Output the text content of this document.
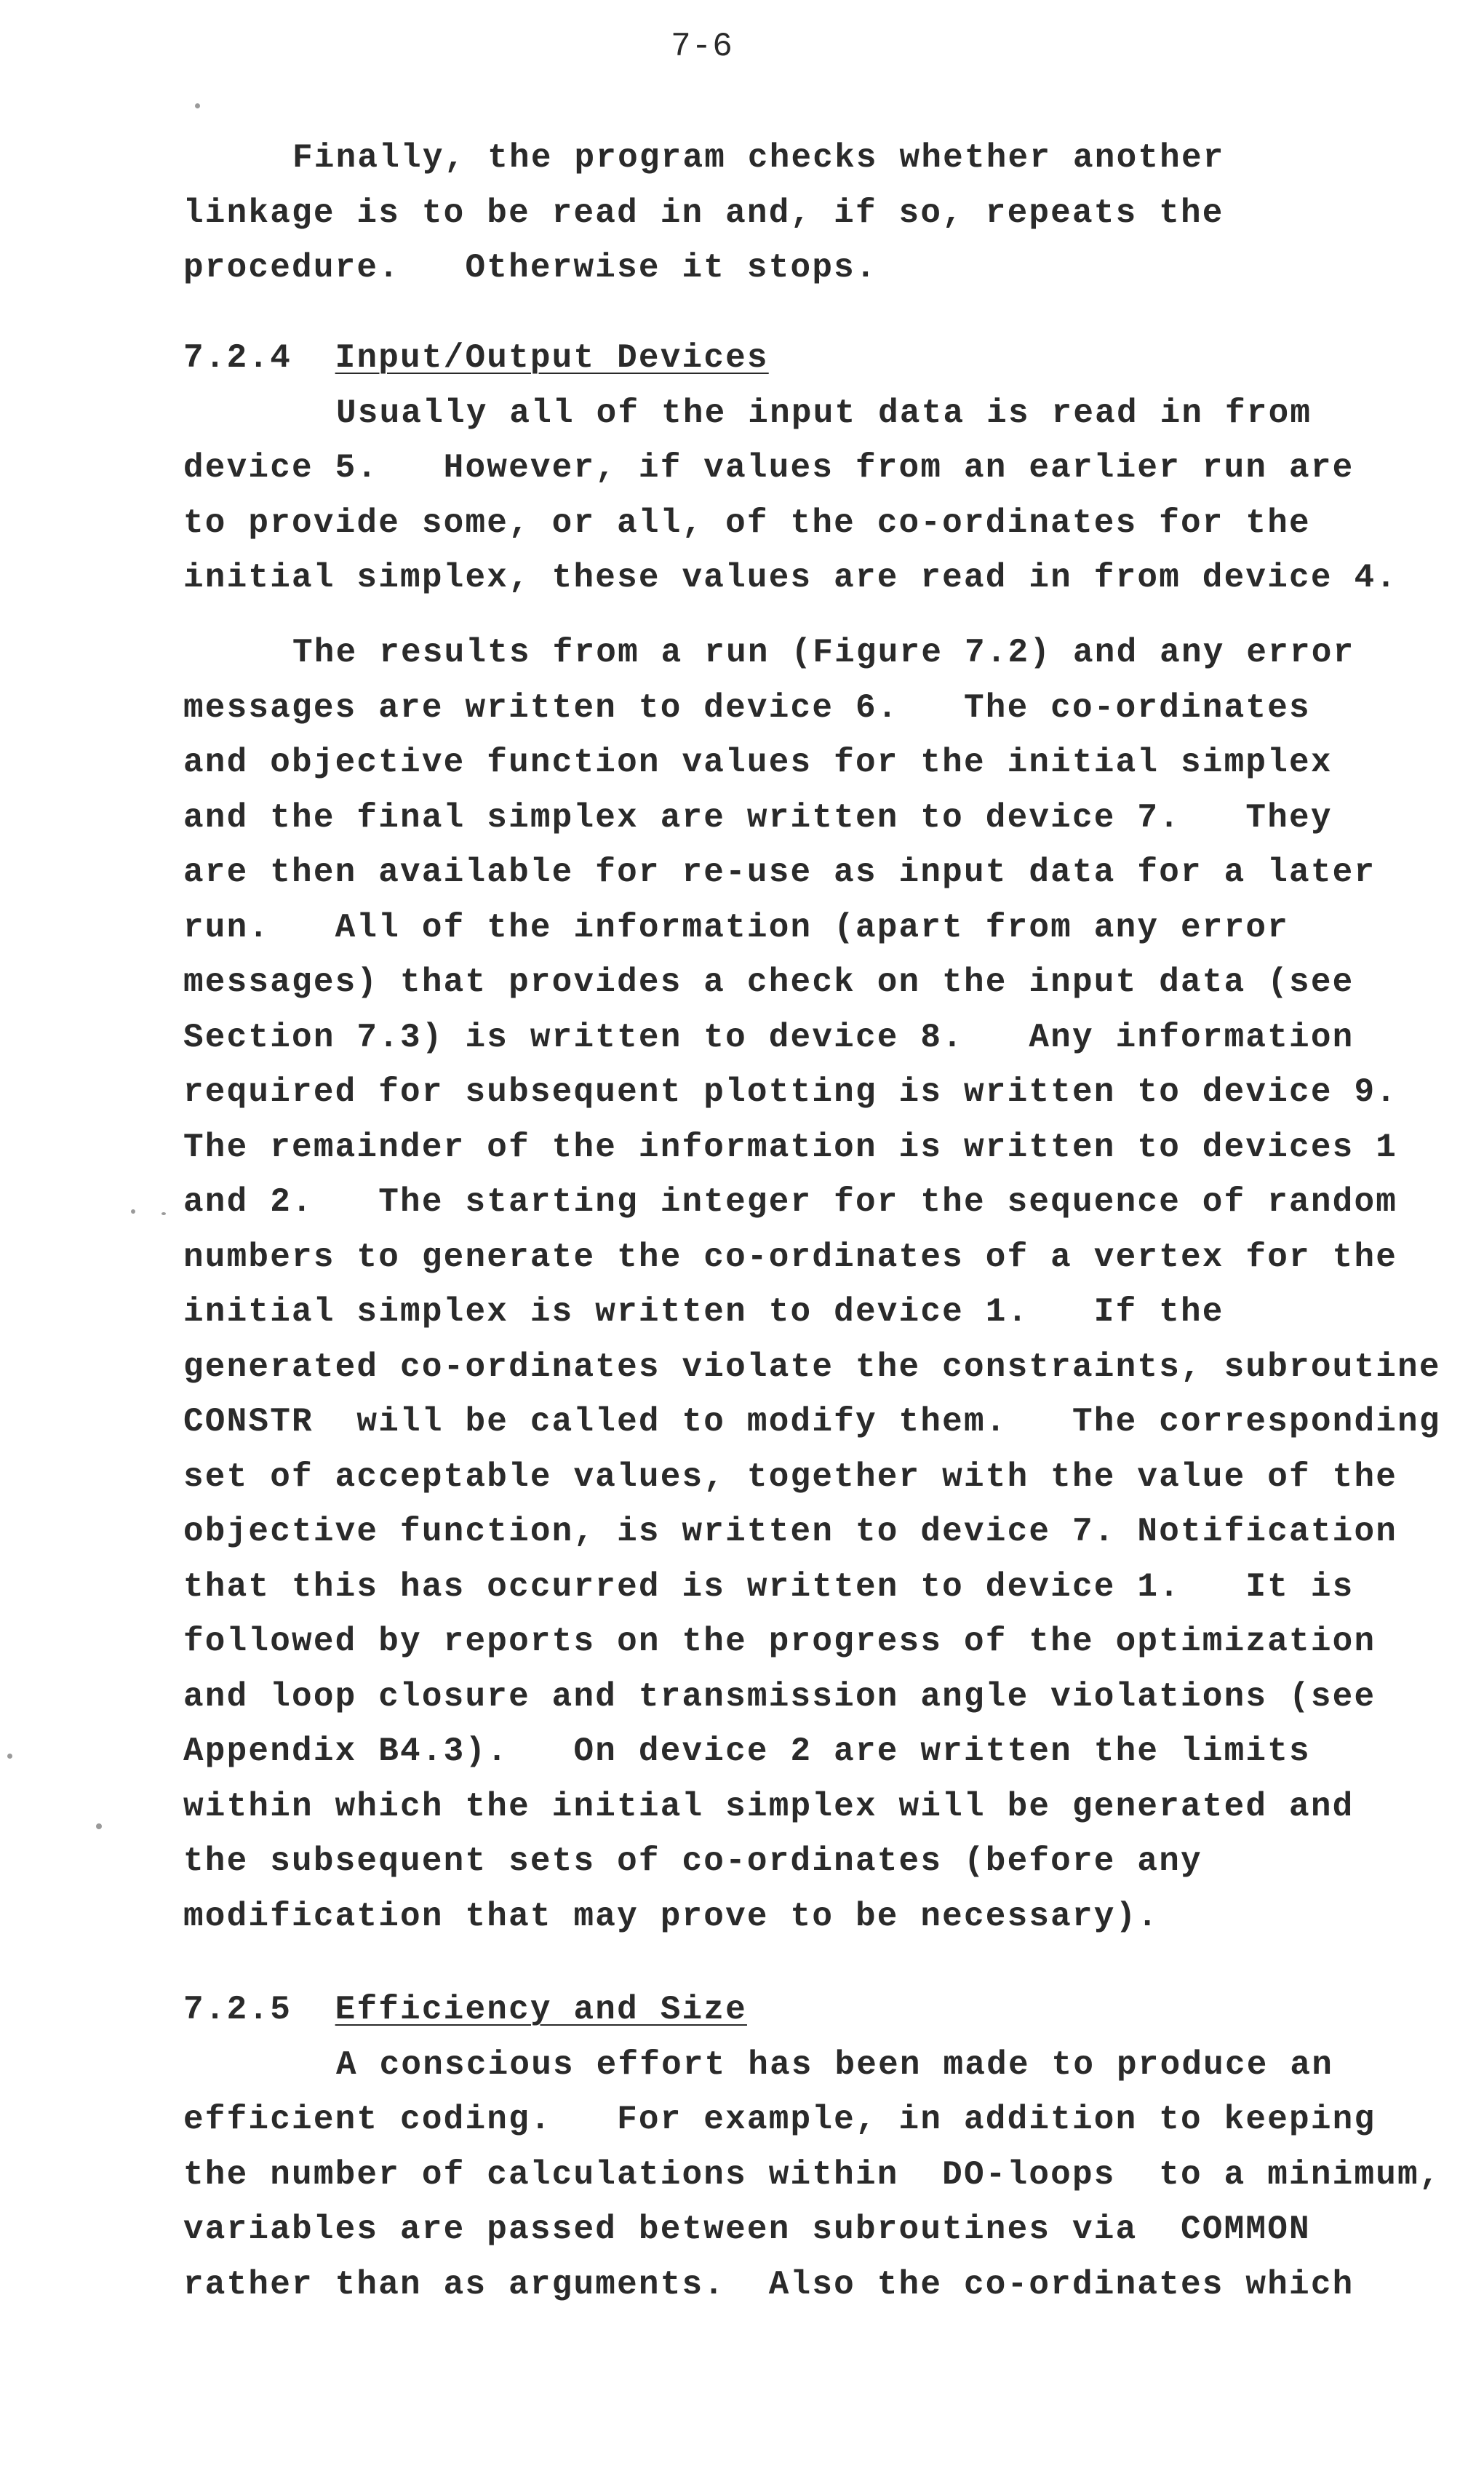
7-6
Finally, the program checks whether another
linkage is to be read in and, if so, repeats the
procedure.   Otherwise it stops.
7.2.4 Input/Output Devices
Usually all of the input data is read in from
device 5.   However, if values from an earlier run are
to provide some, or all, of the co-ordinates for the
initial simplex, these values are read in from device 4.
The results from a run (Figure 7.2) and any error
messages are written to device 6.   The co-ordinates
and objective function values for the initial simplex
and the final simplex are written to device 7.   They
are then available for re-use as input data for a later
run.   All of the information (apart from any error
messages) that provides a check on the input data (see
Section 7.3) is written to device 8.   Any information
required for subsequent plotting is written to device 9.
The remainder of the information is written to devices 1
and 2.   The starting integer for the sequence of random
numbers to generate the co-ordinates of a vertex for the
initial simplex is written to device 1.   If the
generated co-ordinates violate the constraints, subroutine
CONSTR  will be called to modify them.   The corresponding
set of acceptable values, together with the value of the
objective function, is written to device 7. Notification
that this has occurred is written to device 1.   It is
followed by reports on the progress of the optimization
and loop closure and transmission angle violations (see
Appendix B4.3).   On device 2 are written the limits
within which the initial simplex will be generated and
the subsequent sets of co-ordinates (before any
modification that may prove to be necessary).
7.2.5 Efficiency and Size
A conscious effort has been made to produce an
efficient coding.   For example, in addition to keeping
the number of calculations within  DO-loops  to a minimum,
variables are passed between subroutines via  COMMON
rather than as arguments.  Also the co-ordinates which
